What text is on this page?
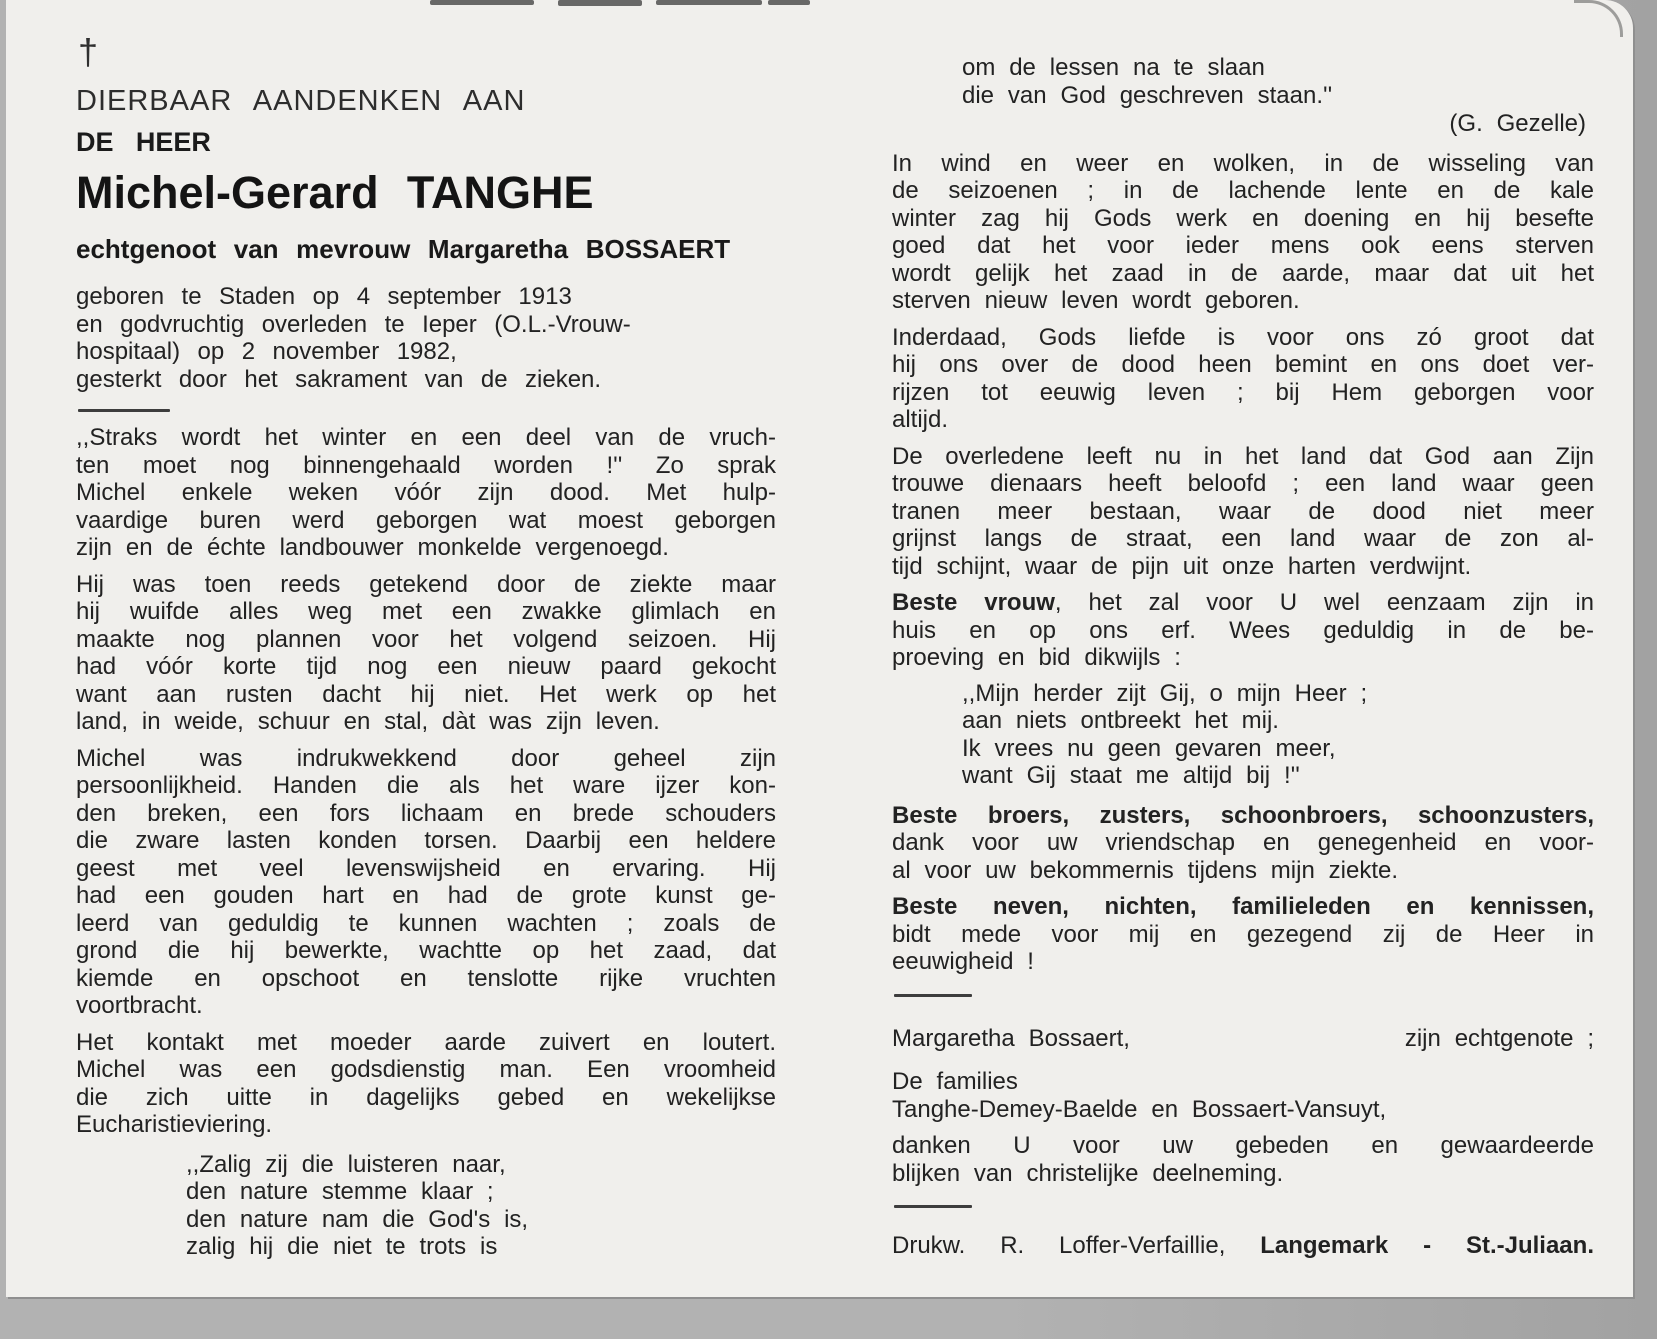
†
DIERBAAR AANDENKEN AAN
DE HEER
Michel-Gerard TANGHE
echtgenoot van mevrouw Margaretha BOSSAERT
geboren te Staden op 4 september 1913
en godvruchtig overleden te Ieper (O.L.-Vrouw-
hospitaal) op 2 november 1982,
gesterkt door het sakrament van de zieken.
,,Straks wordt het winter en een deel van de vruch-
ten moet nog binnengehaald worden !'' Zo sprak
Michel enkele weken vóór zijn dood. Met hulp-
vaardige buren werd geborgen wat moest geborgen
zijn en de échte landbouwer monkelde vergenoegd.
Hij was toen reeds getekend door de ziekte maar
hij wuifde alles weg met een zwakke glimlach en
maakte nog plannen voor het volgend seizoen. Hij
had vóór korte tijd nog een nieuw paard gekocht
want aan rusten dacht hij niet. Het werk op het
land, in weide, schuur en stal, dàt was zijn leven.
Michel was indrukwekkend door geheel zijn
persoonlijkheid. Handen die als het ware ijzer kon-
den breken, een fors lichaam en brede schouders
die zware lasten konden torsen. Daarbij een heldere
geest met veel levenswijsheid en ervaring. Hij
had een gouden hart en had de grote kunst ge-
leerd van geduldig te kunnen wachten ; zoals de
grond die hij bewerkte, wachtte op het zaad, dat
kiemde en opschoot en tenslotte rijke vruchten
voortbracht.
Het kontakt met moeder aarde zuivert en loutert.
Michel was een godsdienstig man. Een vroomheid
die zich uitte in dagelijks gebed en wekelijkse
Eucharistieviering.
,,Zalig zij die luisteren naar,
den nature stemme klaar ;
den nature nam die God's is,
zalig hij die niet te trots is
om de lessen na te slaan
die van God geschreven staan.''
(G. Gezelle)
In wind en weer en wolken, in de wisseling van
de seizoenen ; in de lachende lente en de kale
winter zag hij Gods werk en doening en hij besefte
goed dat het voor ieder mens ook eens sterven
wordt gelijk het zaad in de aarde, maar dat uit het
sterven nieuw leven wordt geboren.
Inderdaad, Gods liefde is voor ons zó groot dat
hij ons over de dood heen bemint en ons doet ver-
rijzen tot eeuwig leven ; bij Hem geborgen voor
altijd.
De overledene leeft nu in het land dat God aan Zijn
trouwe dienaars heeft beloofd ; een land waar geen
tranen meer bestaan, waar de dood niet meer
grijnst langs de straat, een land waar de zon al-
tijd schijnt, waar de pijn uit onze harten verdwijnt.
Beste vrouw, het zal voor U wel eenzaam zijn in
huis en op ons erf. Wees geduldig in de be-
proeving en bid dikwijls :
,,Mijn herder zijt Gij, o mijn Heer ;
aan niets ontbreekt het mij.
Ik vrees nu geen gevaren meer,
want Gij staat me altijd bij !''
Beste broers, zusters, schoonbroers, schoonzusters,
dank voor uw vriendschap en genegenheid en voor-
al voor uw bekommernis tijdens mijn ziekte.
Beste neven, nichten, familieleden en kennissen,
bidt mede voor mij en gezegend zij de Heer in
eeuwigheid !
Margaretha Bossaert,	zijn echtgenote ;
De families
Tanghe-Demey-Baelde en Bossaert-Vansuyt,
danken U voor uw gebeden en gewaardeerde
blijken van christelijke deelneming.
Drukw. R. Loffer-Verfaillie, Langemark - St.-Juliaan.
